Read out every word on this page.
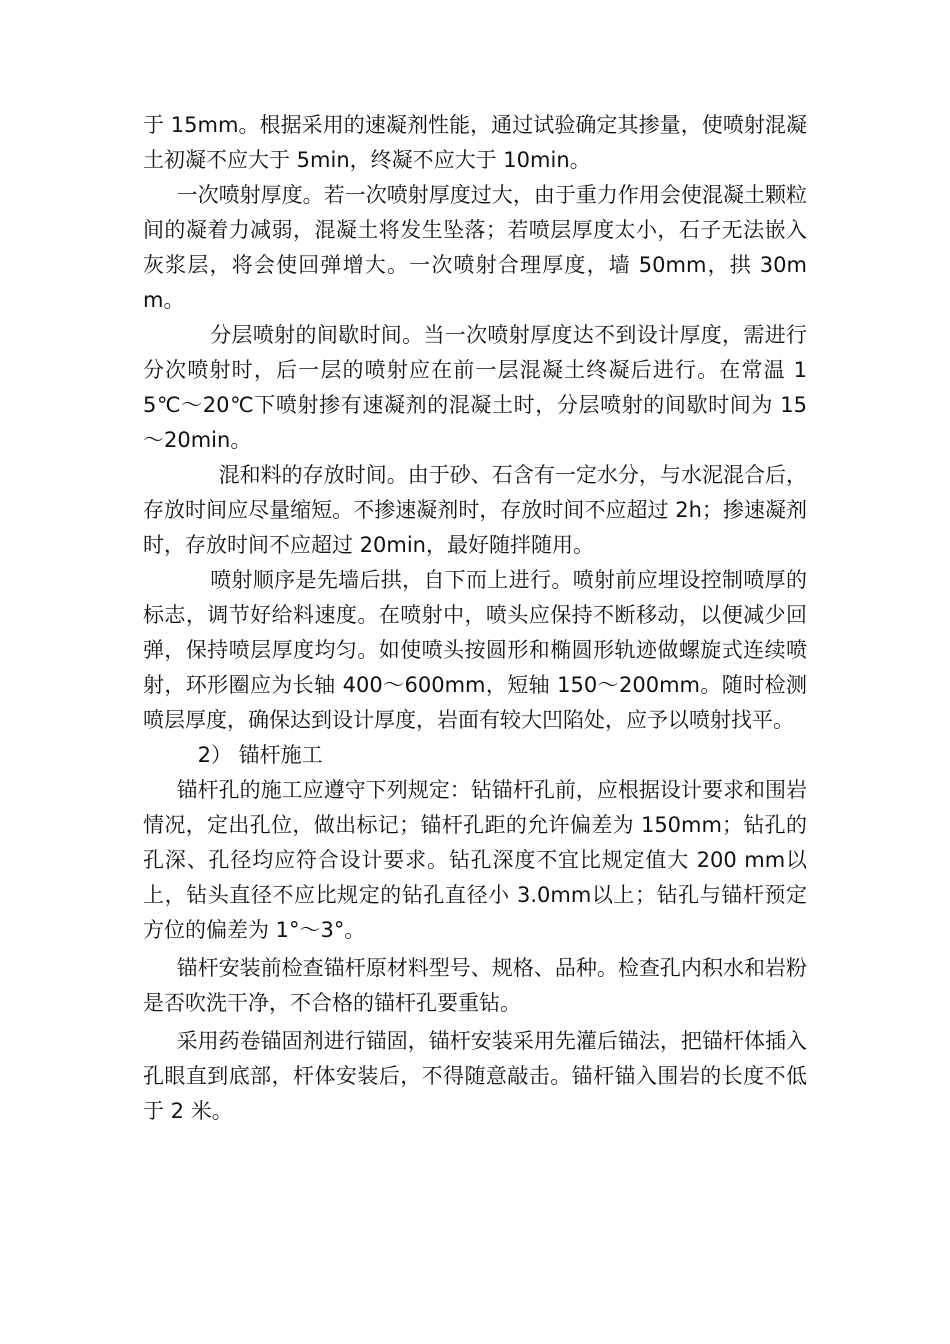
于 15mm。根据采用的速凝剂性能，通过试验确定其掺量，使喷射混凝土初凝不应大于 5min，终凝不应大于 10min。

一次喷射厚度。若一次喷射厚度过大，由于重力作用会使混凝土颗粒间的凝着力减弱，混凝土将发生坠落；若喷层厚度太小，石子无法嵌入灰浆层，将会使回弹增大。一次喷射合理厚度，墙 50mm，拱 30mm。

分层喷射的间歇时间。当一次喷射厚度达不到设计厚度，需进行分次喷射时，后一层的喷射应在前一层混凝土终凝后进行。在常温 15℃～20℃下喷射掺有速凝剂的混凝土时，分层喷射的间歇时间为 15～20min。

混和料的存放时间。由于砂、石含有一定水分，与水泥混合后，存放时间应尽量缩短。不掺速凝剂时，存放时间不应超过 2h；掺速凝剂时，存放时间不应超过 20min，最好随拌随用。

喷射顺序是先墙后拱，自下而上进行。喷射前应埋设控制喷厚的标志，调节好给料速度。在喷射中，喷头应保持不断移动，以便减少回弹，保持喷层厚度均匀。如使喷头按圆形和椭圆形轨迹做螺旋式连续喷射，环形圈应为长轴 400～600mm，短轴 150～200mm。随时检测喷层厚度，确保达到设计厚度，岩面有较大凹陷处，应予以喷射找平。

2） 锚杆施工

锚杆孔的施工应遵守下列规定：钻锚杆孔前，应根据设计要求和围岩情况，定出孔位，做出标记；锚杆孔距的允许偏差为 150mm；钻孔的孔深、孔径均应符合设计要求。钻孔深度不宜比规定值大 200 mm以上，钻头直径不应比规定的钻孔直径小 3.0mm以上；钻孔与锚杆预定方位的偏差为 1°～3°。

锚杆安装前检查锚杆原材料型号、规格、品种。检查孔内积水和岩粉是否吹洗干净，不合格的锚杆孔要重钻。

采用药卷锚固剂进行锚固，锚杆安装采用先灌后锚法，把锚杆体插入孔眼直到底部，杆体安装后，不得随意敲击。锚杆锚入围岩的长度不低于 2 米。
